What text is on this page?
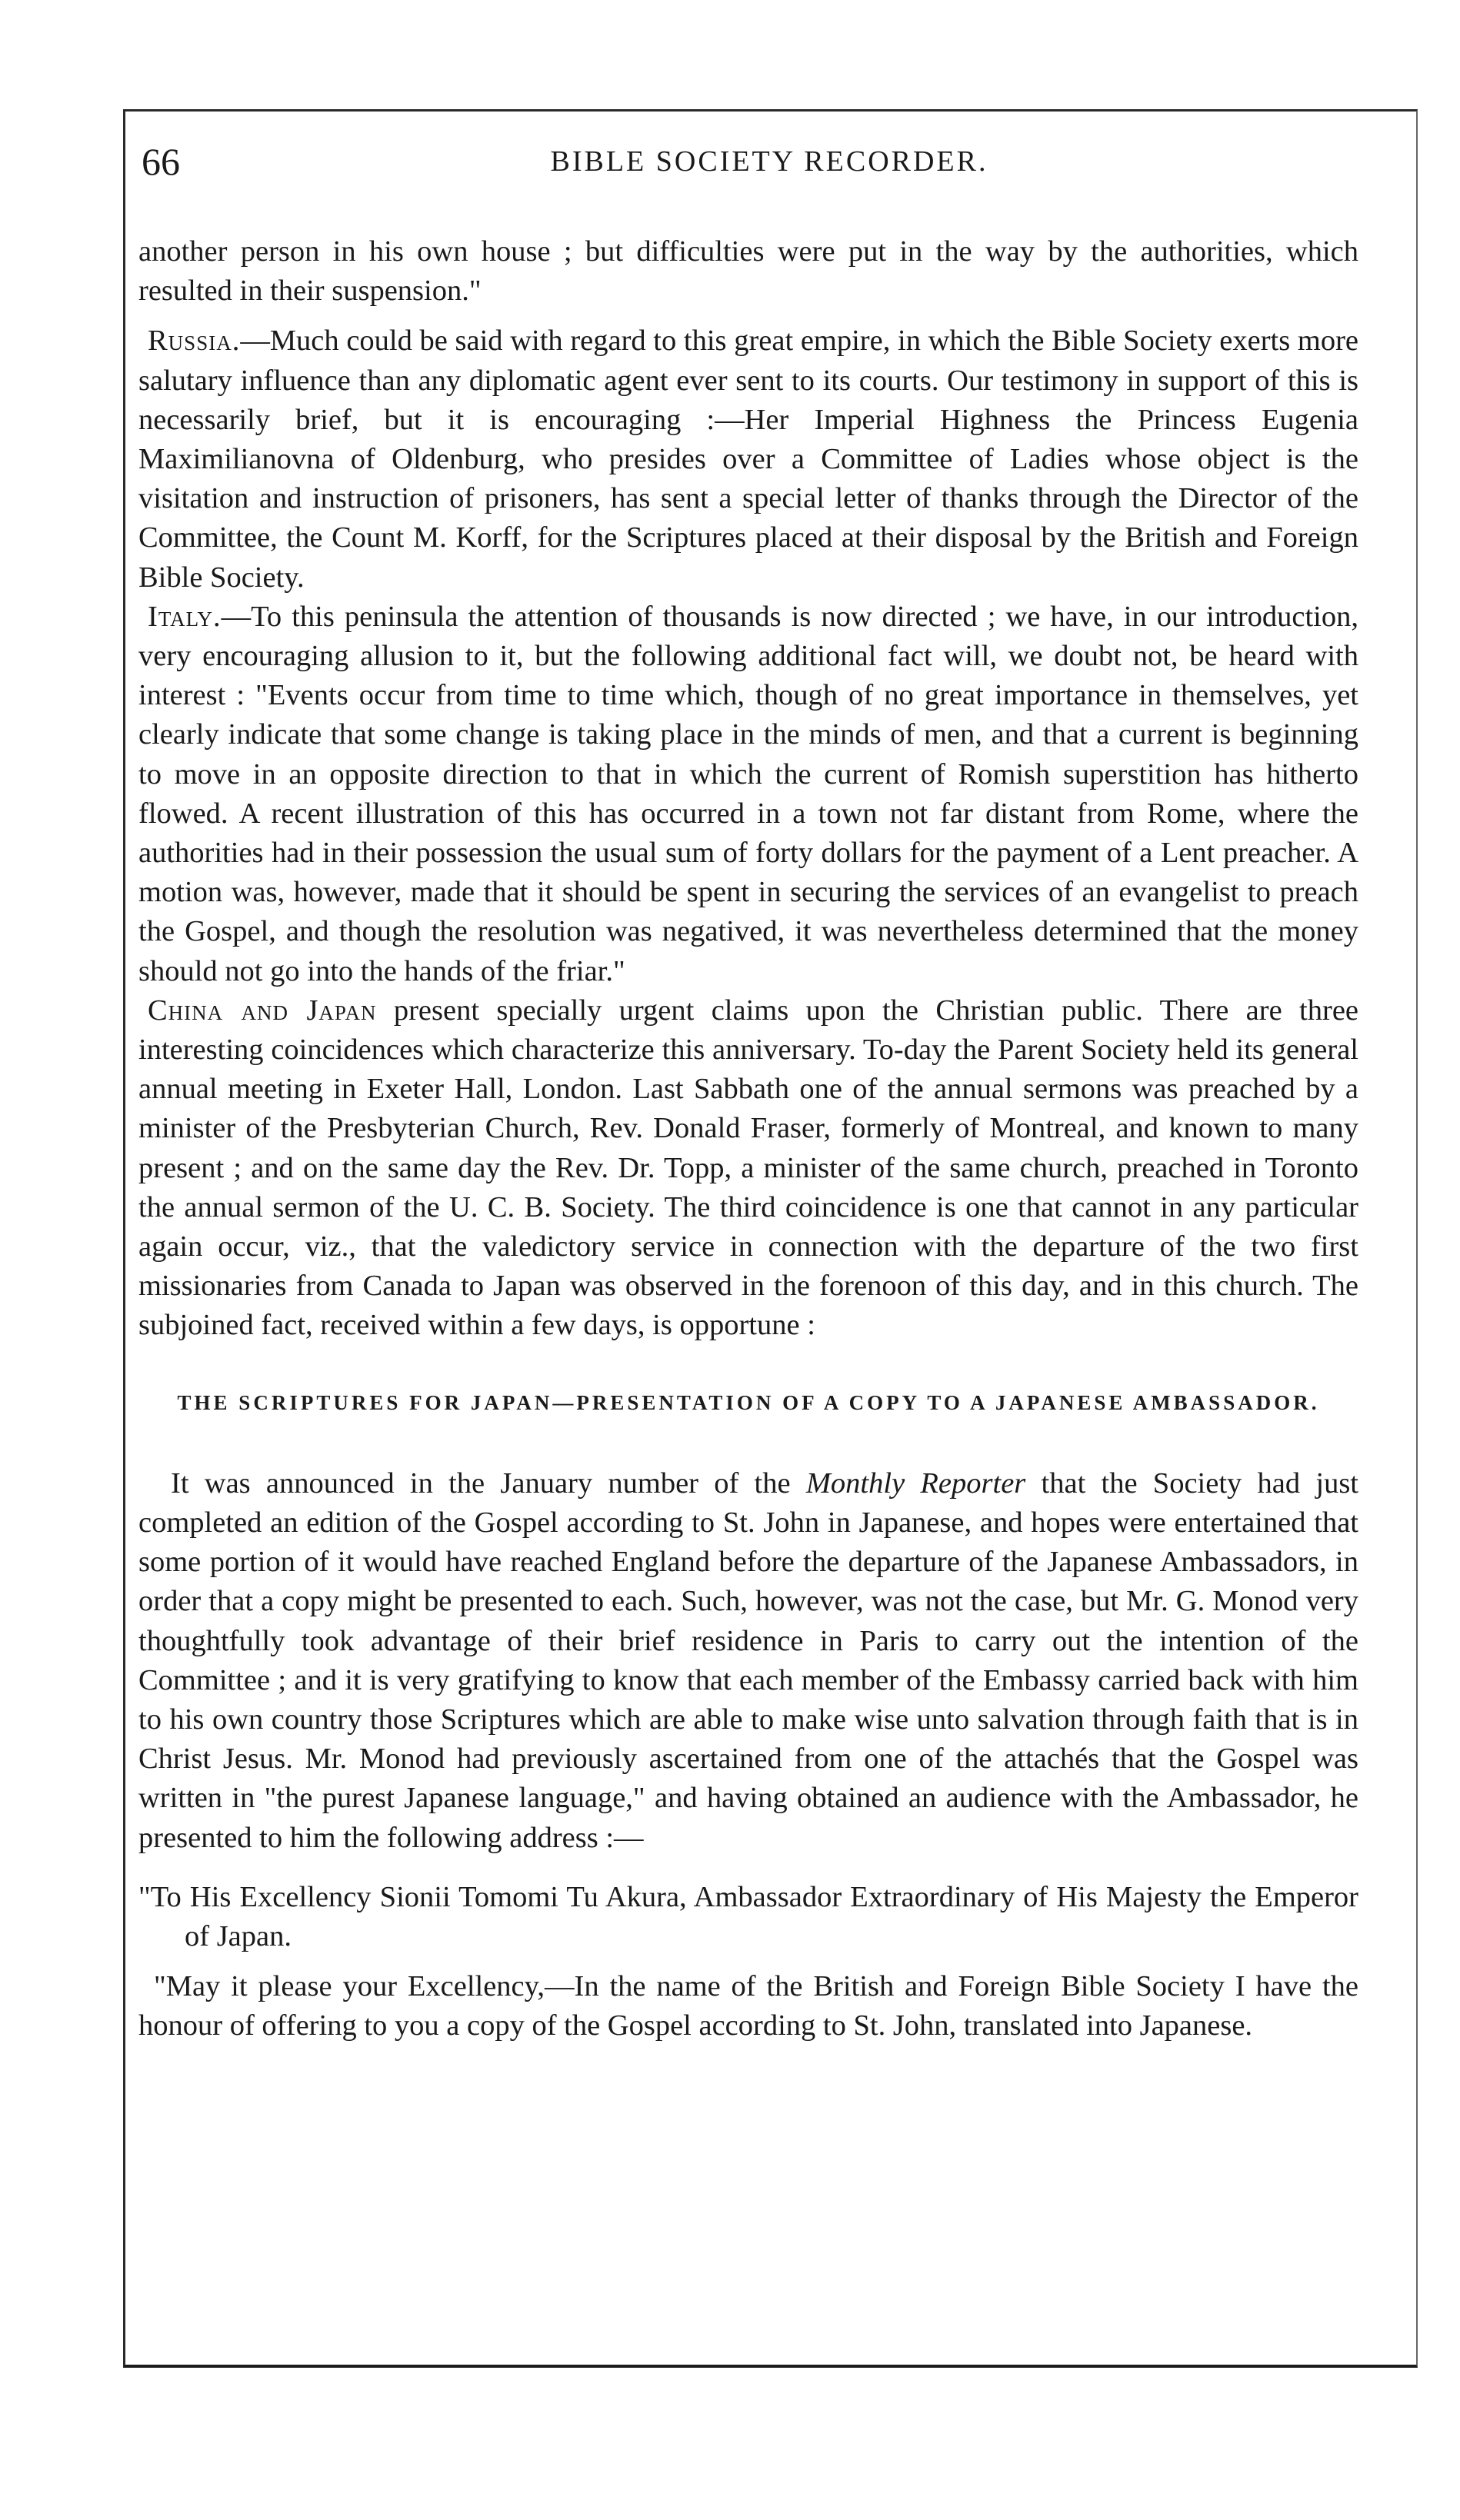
66	BIBLE SOCIETY RECORDER.

another person in his own house ; but difficulties were put in the way by the authorities, which resulted in their suspension."

Russia.—Much could be said with regard to this great empire, in which the Bible Society exerts more salutary influence than any diplomatic agent ever sent to its courts. Our testimony in support of this is necessarily brief, but it is encouraging :—Her Imperial Highness the Princess Eugenia Maximilianovna of Oldenburg, who presides over a Committee of Ladies whose object is the visitation and instruction of prisoners, has sent a special letter of thanks through the Director of the Committee, the Count M. Korff, for the Scriptures placed at their disposal by the British and Foreign Bible Society.

Italy.—To this peninsula the attention of thousands is now directed ; we have, in our introduction, very encouraging allusion to it, but the following additional fact will, we doubt not, be heard with interest : "Events occur from time to time which, though of no great importance in themselves, yet clearly indicate that some change is taking place in the minds of men, and that a current is beginning to move in an opposite direction to that in which the current of Romish superstition has hitherto flowed. A recent illustration of this has occurred in a town not far distant from Rome, where the authorities had in their possession the usual sum of forty dollars for the payment of a Lent preacher. A motion was, however, made that it should be spent in securing the services of an evangelist to preach the Gospel, and though the resolution was negatived, it was nevertheless determined that the money should not go into the hands of the friar."

China and Japan present specially urgent claims upon the Christian public. There are three interesting coincidences which characterize this anniversary. To-day the Parent Society held its general annual meeting in Exeter Hall, London. Last Sabbath one of the annual sermons was preached by a minister of the Presbyterian Church, Rev. Donald Fraser, formerly of Montreal, and known to many present ; and on the same day the Rev. Dr. Topp, a minister of the same church, preached in Toronto the annual sermon of the U. C. B. Society. The third coincidence is one that cannot in any particular again occur, viz., that the valedictory service in connection with the departure of the two first missionaries from Canada to Japan was observed in the forenoon of this day, and in this church. The subjoined fact, received within a few days, is opportune :

THE SCRIPTURES FOR JAPAN—PRESENTATION OF A COPY TO A JAPANESE AMBASSADOR.

It was announced in the January number of the Monthly Reporter that the Society had just completed an edition of the Gospel according to St. John in Japanese, and hopes were entertained that some portion of it would have reached England before the departure of the Japanese Ambassadors, in order that a copy might be presented to each. Such, however, was not the case, but Mr. G. Monod very thoughtfully took advantage of their brief residence in Paris to carry out the intention of the Committee ; and it is very gratifying to know that each member of the Embassy carried back with him to his own country those Scriptures which are able to make wise unto salvation through faith that is in Christ Jesus. Mr. Monod had previously ascertained from one of the attachés that the Gospel was written in "the purest Japanese language," and having obtained an audience with the Ambassador, he presented to him the following address :—

"To His Excellency Sionii Tomomi Tu Akura, Ambassador Extraordinary of His Majesty the Emperor of Japan.

"May it please your Excellency,—In the name of the British and Foreign Bible Society I have the honour of offering to you a copy of the Gospel according to St. John, translated into Japanese.
